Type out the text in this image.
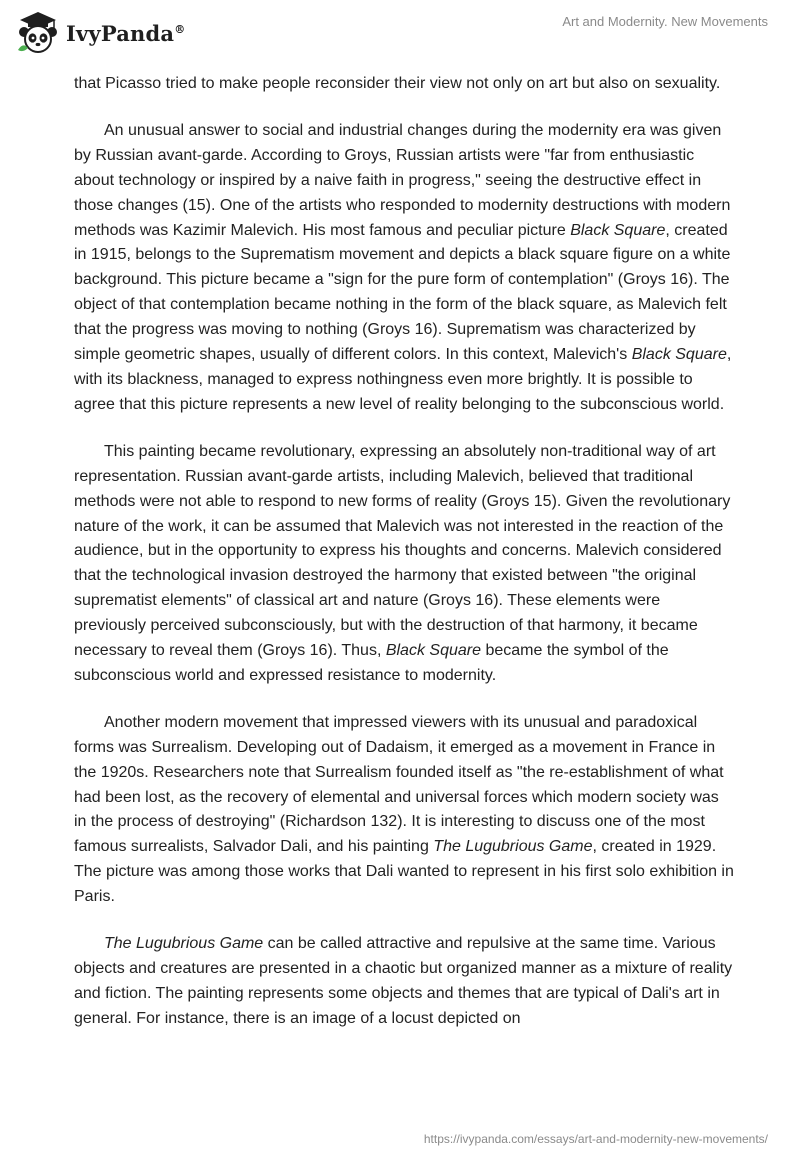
IvyPanda®
Art and Modernity. New Movements

that Picasso tried to make people reconsider their view not only on art but also on sexuality.

An unusual answer to social and industrial changes during the modernity era was given by Russian avant-garde. According to Groys, Russian artists were "far from enthusiastic about technology or inspired by a naive faith in progress," seeing the destructive effect in those changes (15). One of the artists who responded to modernity destructions with modern methods was Kazimir Malevich. His most famous and peculiar picture Black Square, created in 1915, belongs to the Suprematism movement and depicts a black square figure on a white background. This picture became a "sign for the pure form of contemplation" (Groys 16). The object of that contemplation became nothing in the form of the black square, as Malevich felt that the progress was moving to nothing (Groys 16). Suprematism was characterized by simple geometric shapes, usually of different colors. In this context, Malevich's Black Square, with its blackness, managed to express nothingness even more brightly. It is possible to agree that this picture represents a new level of reality belonging to the subconscious world.

This painting became revolutionary, expressing an absolutely non-traditional way of art representation. Russian avant-garde artists, including Malevich, believed that traditional methods were not able to respond to new forms of reality (Groys 15). Given the revolutionary nature of the work, it can be assumed that Malevich was not interested in the reaction of the audience, but in the opportunity to express his thoughts and concerns. Malevich considered that the technological invasion destroyed the harmony that existed between "the original suprematist elements" of classical art and nature (Groys 16). These elements were previously perceived subconsciously, but with the destruction of that harmony, it became necessary to reveal them (Groys 16). Thus, Black Square became the symbol of the subconscious world and expressed resistance to modernity.

Another modern movement that impressed viewers with its unusual and paradoxical forms was Surrealism. Developing out of Dadaism, it emerged as a movement in France in the 1920s. Researchers note that Surrealism founded itself as "the re-establishment of what had been lost, as the recovery of elemental and universal forces which modern society was in the process of destroying" (Richardson 132). It is interesting to discuss one of the most famous surrealists, Salvador Dali, and his painting The Lugubrious Game, created in 1929. The picture was among those works that Dali wanted to represent in his first solo exhibition in Paris.

The Lugubrious Game can be called attractive and repulsive at the same time. Various objects and creatures are presented in a chaotic but organized manner as a mixture of reality and fiction. The painting represents some objects and themes that are typical of Dali's art in general. For instance, there is an image of a locust depicted on

https://ivypanda.com/essays/art-and-modernity-new-movements/
